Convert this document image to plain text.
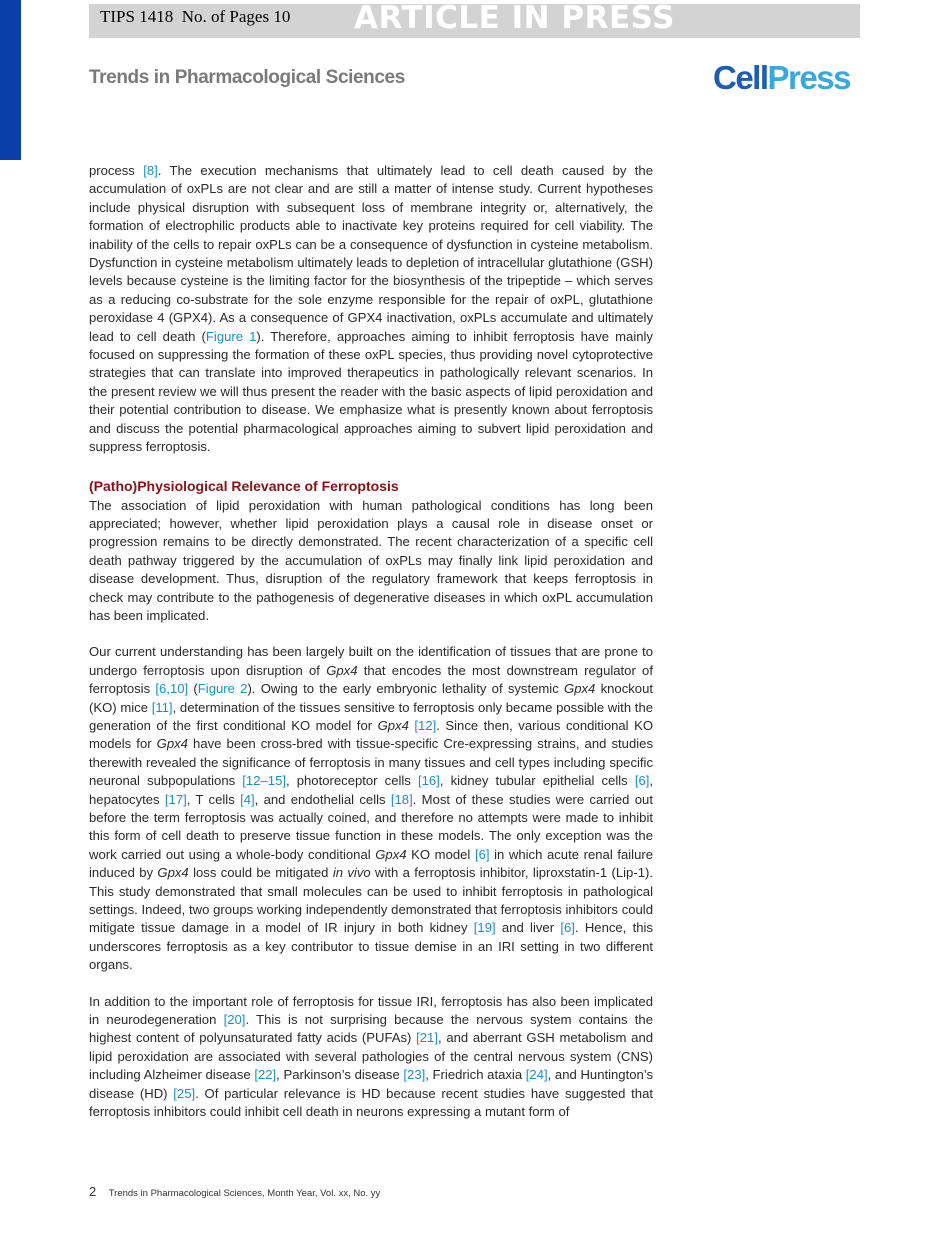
TIPS 1418 No. of Pages 10 ARTICLE IN PRESS
Trends in Pharmacological Sciences	CellPress

process [8]. The execution mechanisms that ultimately lead to cell death caused by the accumulation of oxPLs are not clear and are still a matter of intense study. Current hypotheses include physical disruption with subsequent loss of membrane integrity or, alternatively, the formation of electrophilic products able to inactivate key proteins required for cell viability. The inability of the cells to repair oxPLs can be a consequence of dysfunction in cysteine metabolism. Dysfunction in cysteine metabolism ultimately leads to depletion of intracellular glutathione (GSH) levels because cysteine is the limiting factor for the biosynthesis of the tripeptide – which serves as a reducing co-substrate for the sole enzyme responsible for the repair of oxPL, glutathione peroxidase 4 (GPX4). As a consequence of GPX4 inactivation, oxPLs accumulate and ultimately lead to cell death (Figure 1). Therefore, approaches aiming to inhibit ferroptosis have mainly focused on suppressing the formation of these oxPL species, thus providing novel cytoprotective strategies that can translate into improved therapeutics in pathologically relevant scenarios. In the present review we will thus present the reader with the basic aspects of lipid peroxidation and their potential contribution to disease. We emphasize what is presently known about ferroptosis and discuss the potential pharmacological approaches aiming to subvert lipid peroxidation and suppress ferroptosis.

(Patho)Physiological Relevance of Ferroptosis

The association of lipid peroxidation with human pathological conditions has long been appreciated; however, whether lipid peroxidation plays a causal role in disease onset or progression remains to be directly demonstrated. The recent characterization of a specific cell death pathway triggered by the accumulation of oxPLs may finally link lipid peroxidation and disease development. Thus, disruption of the regulatory framework that keeps ferroptosis in check may contribute to the pathogenesis of degenerative diseases in which oxPL accumulation has been implicated.

Our current understanding has been largely built on the identification of tissues that are prone to undergo ferroptosis upon disruption of Gpx4 that encodes the most downstream regulator of ferroptosis [6,10] (Figure 2). Owing to the early embryonic lethality of systemic Gpx4 knockout (KO) mice [11], determination of the tissues sensitive to ferroptosis only became possible with the generation of the first conditional KO model for Gpx4 [12]. Since then, various conditional KO models for Gpx4 have been cross-bred with tissue-specific Cre-expressing strains, and studies therewith revealed the significance of ferroptosis in many tissues and cell types including specific neuronal subpopulations [12–15], photoreceptor cells [16], kidney tubular epithelial cells [6], hepatocytes [17], T cells [4], and endothelial cells [18]. Most of these studies were carried out before the term ferroptosis was actually coined, and therefore no attempts were made to inhibit this form of cell death to preserve tissue function in these models. The only exception was the work carried out using a whole-body conditional Gpx4 KO model [6] in which acute renal failure induced by Gpx4 loss could be mitigated in vivo with a ferroptosis inhibitor, liproxstatin-1 (Lip-1). This study demonstrated that small molecules can be used to inhibit ferroptosis in pathological settings. Indeed, two groups working independently demonstrated that ferroptosis inhibitors could mitigate tissue damage in a model of IR injury in both kidney [19] and liver [6]. Hence, this underscores ferroptosis as a key contributor to tissue demise in an IRI setting in two different organs.

In addition to the important role of ferroptosis for tissue IRI, ferroptosis has also been implicated in neurodegeneration [20]. This is not surprising because the nervous system contains the highest content of polyunsaturated fatty acids (PUFAs) [21], and aberrant GSH metabolism and lipid peroxidation are associated with several pathologies of the central nervous system (CNS) including Alzheimer disease [22], Parkinson’s disease [23], Friedrich ataxia [24], and Huntington’s disease (HD) [25]. Of particular relevance is HD because recent studies have suggested that ferroptosis inhibitors could inhibit cell death in neurons expressing a mutant form of

2 Trends in Pharmacological Sciences, Month Year, Vol. xx, No. yy
